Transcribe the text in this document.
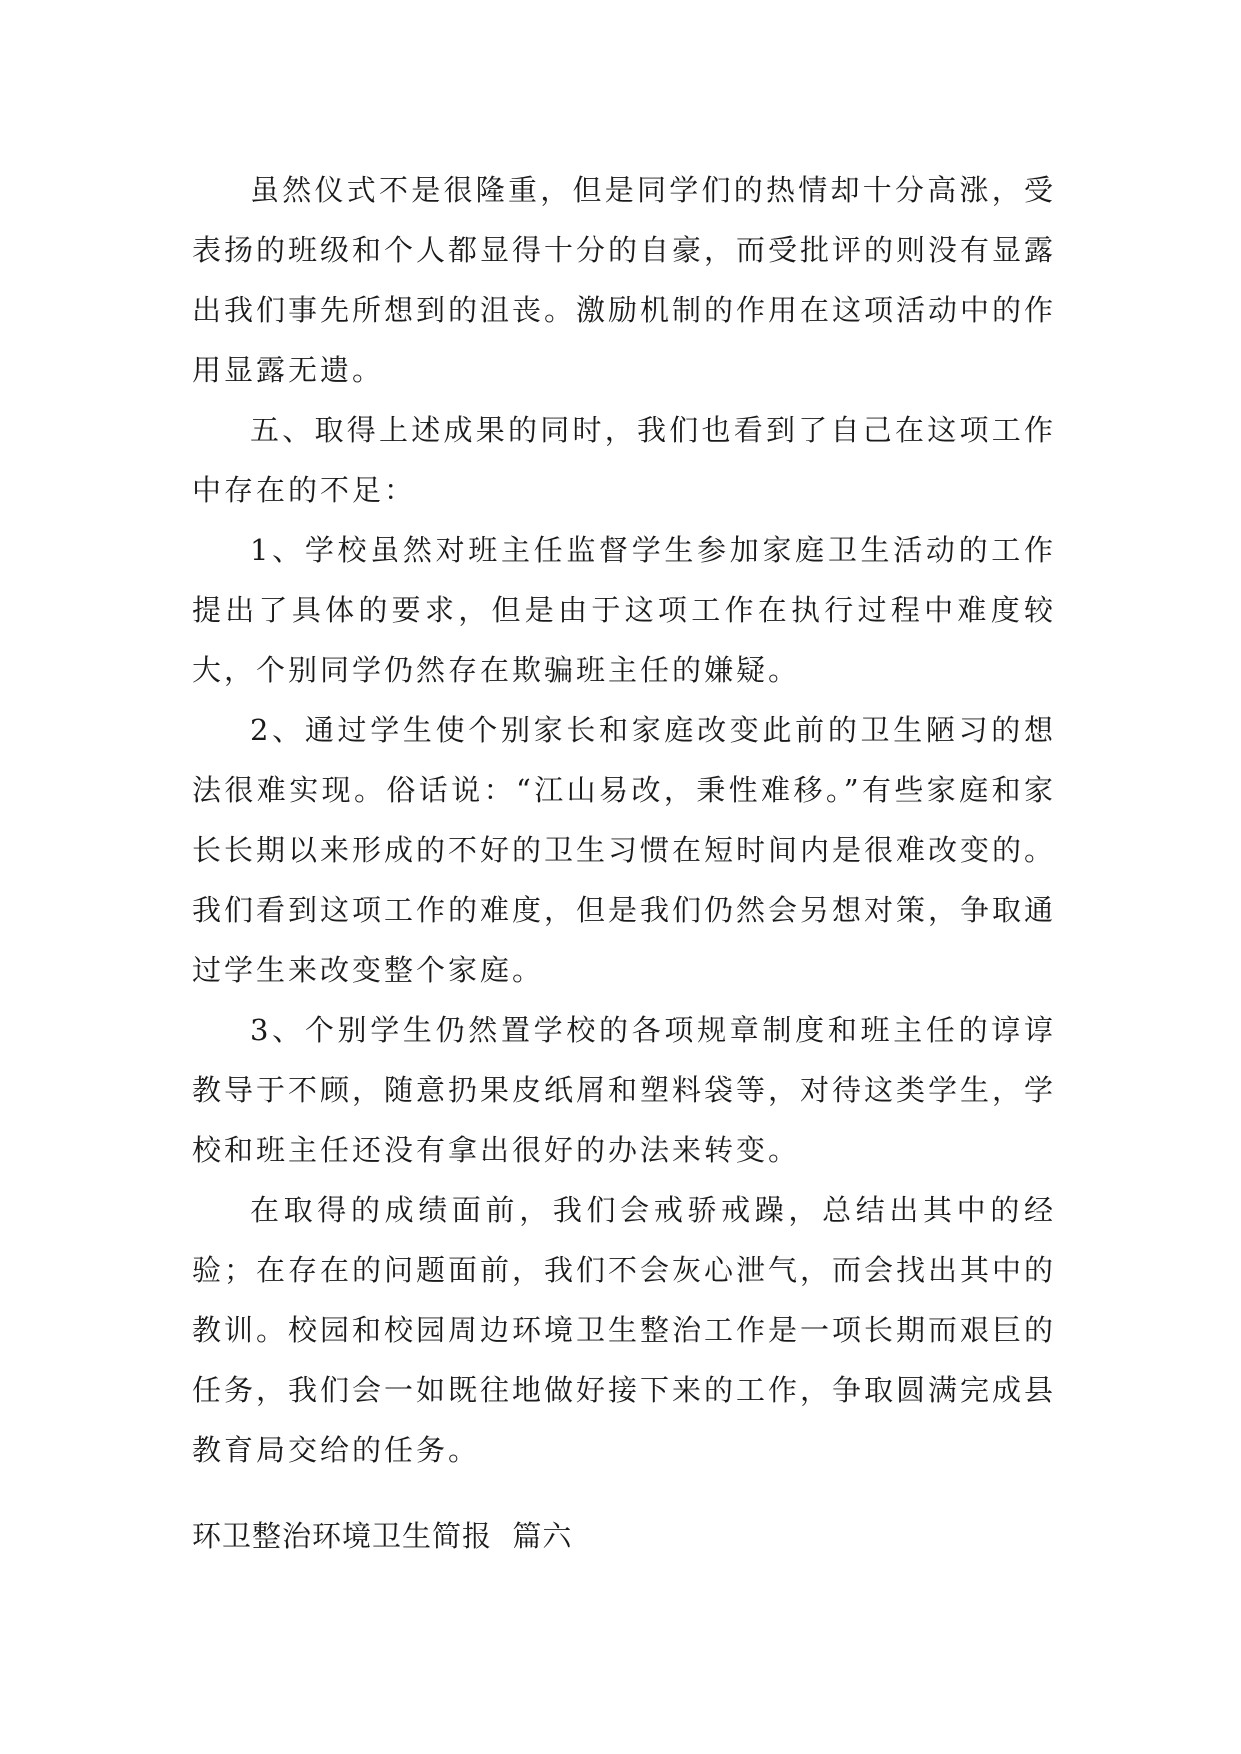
虽然仪式不是很隆重，但是同学们的热情却十分高涨，受表扬的班级和个人都显得十分的自豪，而受批评的则没有显露出我们事先所想到的沮丧。激励机制的作用在这项活动中的作用显露无遗。

五、取得上述成果的同时，我们也看到了自己在这项工作中存在的不足：

1、学校虽然对班主任监督学生参加家庭卫生活动的工作提出了具体的要求，但是由于这项工作在执行过程中难度较大，个别同学仍然存在欺骗班主任的嫌疑。

2、通过学生使个别家长和家庭改变此前的卫生陋习的想法很难实现。俗话说：“江山易改，秉性难移。”有些家庭和家长长期以来形成的不好的卫生习惯在短时间内是很难改变的。我们看到这项工作的难度，但是我们仍然会另想对策，争取通过学生来改变整个家庭。

3、个别学生仍然置学校的各项规章制度和班主任的谆谆教导于不顾，随意扔果皮纸屑和塑料袋等，对待这类学生，学校和班主任还没有拿出很好的办法来转变。

在取得的成绩面前，我们会戒骄戒躁，总结出其中的经验；在存在的问题面前，我们不会灰心泄气，而会找出其中的教训。校园和校园周边环境卫生整治工作是一项长期而艰巨的任务，我们会一如既往地做好接下来的工作，争取圆满完成县教育局交给的任务。

环卫整治环境卫生简报  篇六
